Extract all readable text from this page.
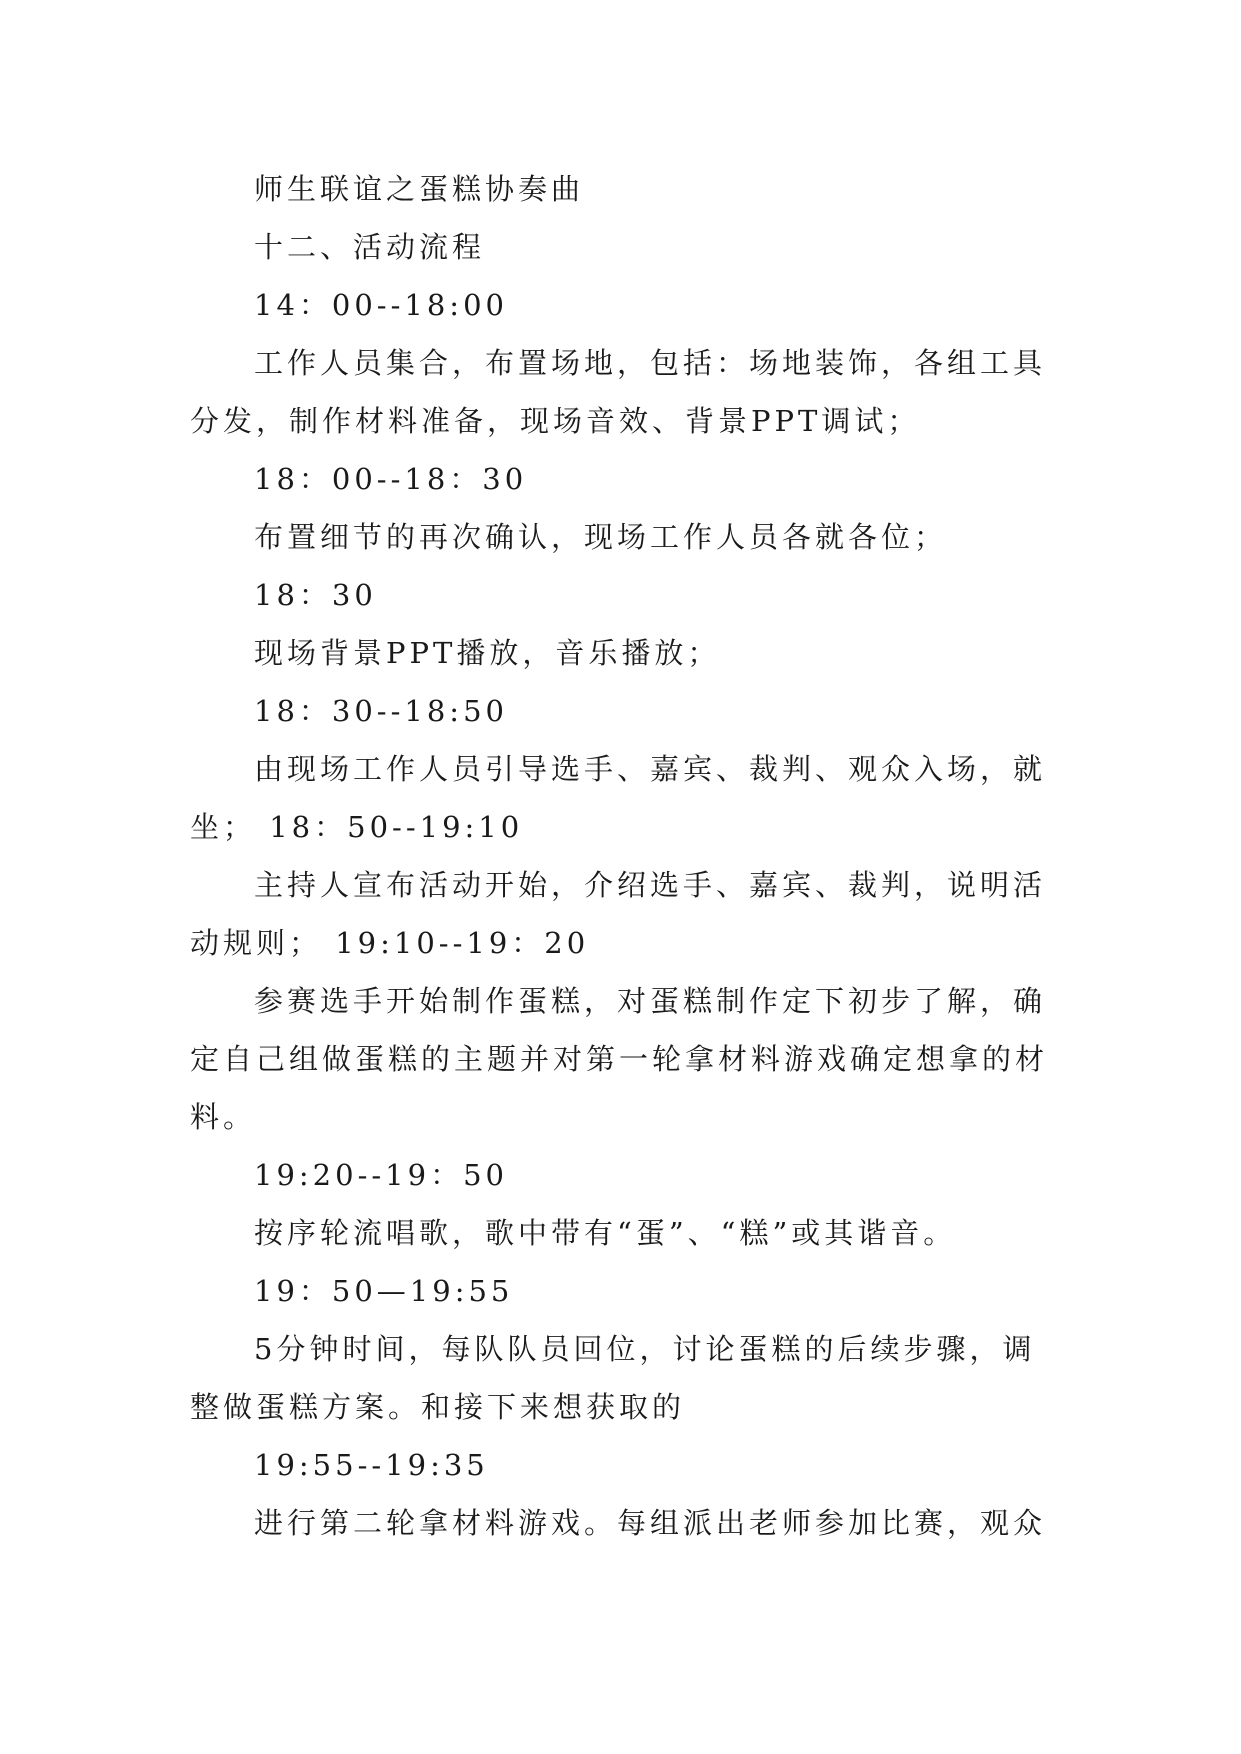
师生联谊之蛋糕协奏曲

十二、活动流程

14：00--18:00

工作人员集合，布置场地，包括：场地装饰，各组工具分发，制作材料准备，现场音效、背景PPT调试；

18：00--18：30

布置细节的再次确认，现场工作人员各就各位；

18：30

现场背景PPT播放，音乐播放；

18：30--18:50

由现场工作人员引导选手、嘉宾、裁判、观众入场，就坐； 18：50--19:10

主持人宣布活动开始，介绍选手、嘉宾、裁判，说明活动规则； 19:10--19：20

参赛选手开始制作蛋糕，对蛋糕制作定下初步了解，确定自己组做蛋糕的主题并对第一轮拿材料游戏确定想拿的材料。

19:20--19：50

按序轮流唱歌，歌中带有“蛋”、“糕”或其谐音。

19：50—19:55

5分钟时间，每队队员回位，讨论蛋糕的后续步骤，调整做蛋糕方案。和接下来想获取的

19:55--19:35

进行第二轮拿材料游戏。每组派出老师参加比赛，观众
